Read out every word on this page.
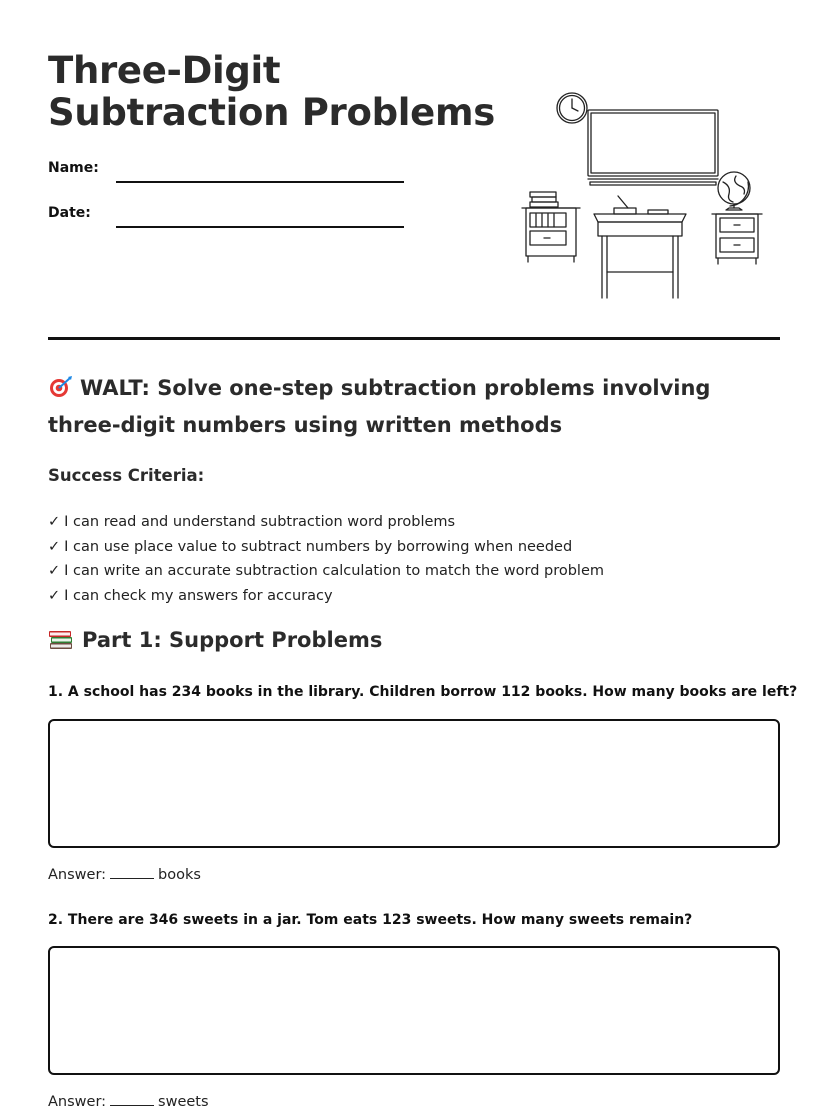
Three-Digit Subtraction Problems
Name:
Date:
WALT: Solve one-step subtraction problems involving three-digit numbers using written methods
Success Criteria:
✓ I can read and understand subtraction word problems
✓ I can use place value to subtract numbers by borrowing when needed
✓ I can write an accurate subtraction calculation to match the word problem
✓ I can check my answers for accuracy
Part 1: Support Problems
1. A school has 234 books in the library. Children borrow 112 books. How many books are left?
Answer:	books
2. There are 346 sweets in a jar. Tom eats 123 sweets. How many sweets remain?
Answer:	sweets
